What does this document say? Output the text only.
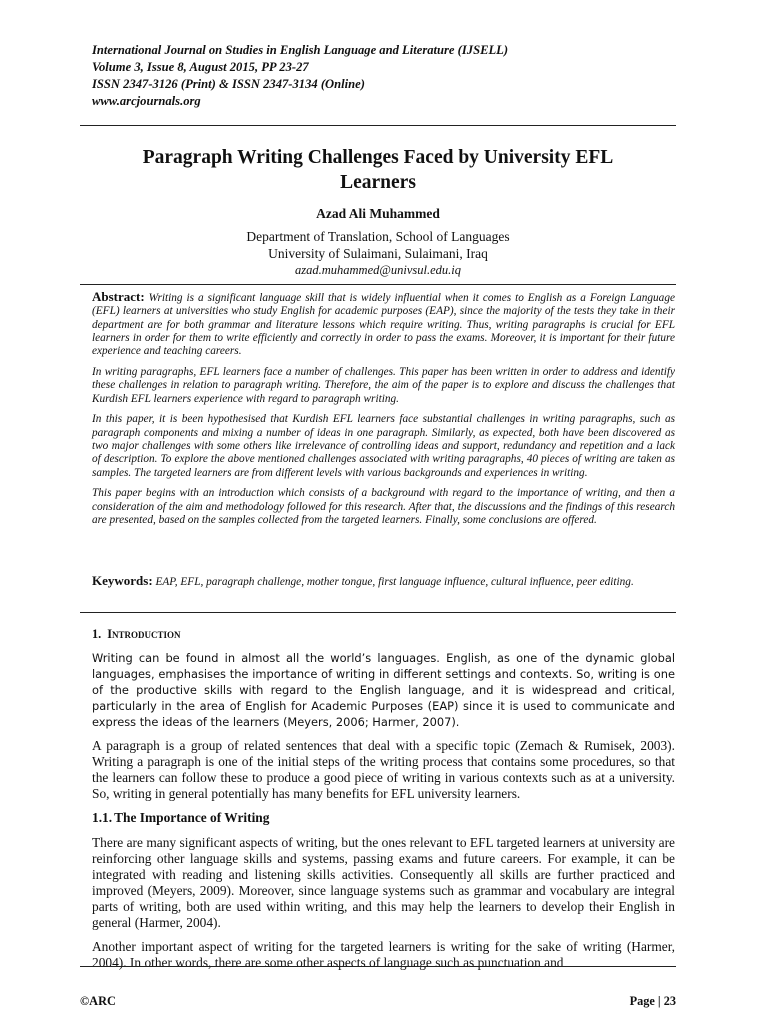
International Journal on Studies in English Language and Literature (IJSELL)
Volume 3, Issue 8, August 2015, PP 23-27
ISSN 2347-3126 (Print) & ISSN 2347-3134 (Online)
www.arcjournals.org
Paragraph Writing Challenges Faced by University EFL
Learners
Azad Ali Muhammed
Department of Translation, School of Languages
University of Sulaimani, Sulaimani, Iraq
azad.muhammed@univsul.edu.iq

Abstract: Writing is a significant language skill that is widely influential when it comes to English as a Foreign Language (EFL) learners at universities who study English for academic purposes (EAP), since the majority of the tests they take in their department are for both grammar and literature lessons which require writing. Thus, writing paragraphs is crucial for EFL learners in order for them to write efficiently and correctly in order to pass the exams. Moreover, it is important for their future experience and teaching careers.

In writing paragraphs, EFL learners face a number of challenges. This paper has been written in order to address and identify these challenges in relation to paragraph writing. Therefore, the aim of the paper is to explore and discuss the challenges that Kurdish EFL learners experience with regard to paragraph writing.

In this paper, it is been hypothesised that Kurdish EFL learners face substantial challenges in writing paragraphs, such as paragraph components and mixing a number of ideas in one paragraph. Similarly, as expected, both have been discovered as two major challenges with some others like irrelevance of controlling ideas and support, redundancy and repetition and a lack of description. To explore the above mentioned challenges associated with writing paragraphs, 40 pieces of writing are taken as samples. The targeted learners are from different levels with various backgrounds and experiences in writing.

This paper begins with an introduction which consists of a background with regard to the importance of writing, and then a consideration of the aim and methodology followed for this research. After that, the discussions and the findings of this research are presented, based on the samples collected from the targeted learners. Finally, some conclusions are offered.

Keywords: EAP, EFL, paragraph challenge, mother tongue, first language influence, cultural influence, peer editing.
1. Introduction

Writing can be found in almost all the world’s languages. English, as one of the dynamic global languages, emphasises the importance of writing in different settings and contexts. So, writing is one of the productive skills with regard to the English language, and it is widespread and critical, particularly in the area of English for Academic Purposes (EAP) since it is used to communicate and express the ideas of the learners (Meyers, 2006; Harmer, 2007).

A paragraph is a group of related sentences that deal with a specific topic (Zemach & Rumisek, 2003). Writing a paragraph is one of the initial steps of the writing process that contains some procedures, so that the learners can follow these to produce a good piece of writing in various contexts such as at a university. So, writing in general potentially has many benefits for EFL university learners.

1.1. The Importance of Writing

There are many significant aspects of writing, but the ones relevant to EFL targeted learners at university are reinforcing other language skills and systems, passing exams and future careers. For example, it can be integrated with reading and listening skills activities. Consequently all skills are further practiced and improved (Meyers, 2009). Moreover, since language systems such as grammar and vocabulary are integral parts of writing, both are used within writing, and this may help the learners to develop their English in general (Harmer, 2004).

Another important aspect of writing for the targeted learners is writing for the sake of writing (Harmer, 2004). In other words, there are some other aspects of language such as punctuation and

©ARC	Page | 23
